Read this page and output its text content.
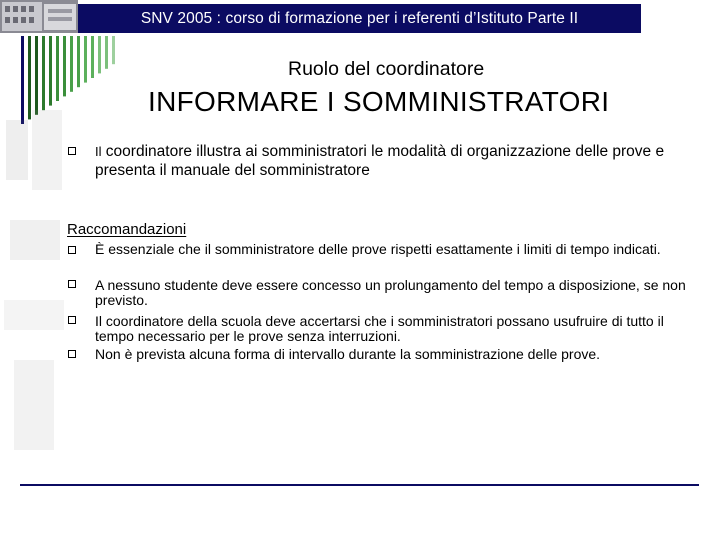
SNV 2005 : corso di formazione per i referenti d’Istituto Parte II
Ruolo del coordinatore
INFORMARE I SOMMINISTRATORI
Il coordinatore illustra ai somministratori le modalità di organizzazione delle prove e presenta il manuale del somministratore
Raccomandazioni
È essenziale che il somministratore delle prove rispetti esattamente i limiti di tempo indicati.
A nessuno studente deve essere concesso un prolungamento del tempo a disposizione, se non previsto.
Il coordinatore della scuola deve accertarsi che i somministratori possano usufruire di tutto il tempo necessario per le prove senza interruzioni.
Non è prevista alcuna forma di intervallo durante la somministrazione delle prove.
